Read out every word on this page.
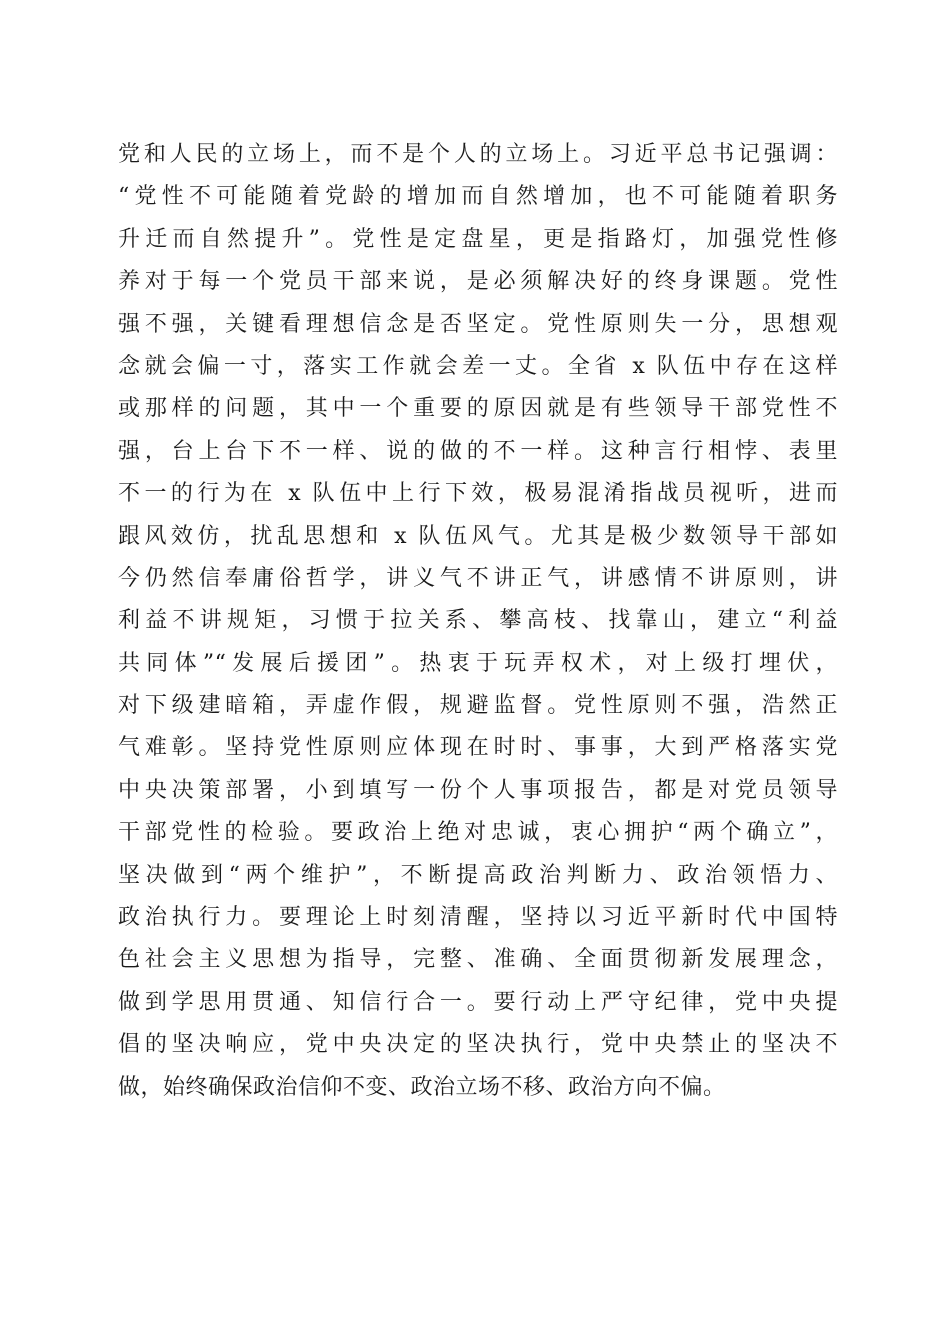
党和人民的立场上，而不是个人的立场上。习近平总书记强调：
“党性不可能随着党龄的增加而自然增加，也不可能随着职务
升迁而自然提升”。党性是定盘星，更是指路灯，加强党性修
养对于每一个党员干部来说，是必须解决好的终身课题。党性
强不强，关键看理想信念是否坚定。党性原则失一分，思想观
念就会偏一寸，落实工作就会差一丈。全省 x 队伍中存在这样
或那样的问题，其中一个重要的原因就是有些领导干部党性不
强，台上台下不一样、说的做的不一样。这种言行相悖、表里
不一的行为在 x 队伍中上行下效，极易混淆指战员视听，进而
跟风效仿，扰乱思想和 x 队伍风气。尤其是极少数领导干部如
今仍然信奉庸俗哲学，讲义气不讲正气，讲感情不讲原则，讲
利益不讲规矩，习惯于拉关系、攀高枝、找靠山，建立“利益
共同体”“发展后援团”。热衷于玩弄权术，对上级打埋伏，
对下级建暗箱，弄虚作假，规避监督。党性原则不强，浩然正
气难彰。坚持党性原则应体现在时时、事事，大到严格落实党
中央决策部署，小到填写一份个人事项报告，都是对党员领导
干部党性的检验。要政治上绝对忠诚，衷心拥护“两个确立”，
坚决做到“两个维护”，不断提高政治判断力、政治领悟力、
政治执行力。要理论上时刻清醒，坚持以习近平新时代中国特
色社会主义思想为指导，完整、准确、全面贯彻新发展理念，
做到学思用贯通、知信行合一。要行动上严守纪律，党中央提
倡的坚决响应，党中央决定的坚决执行，党中央禁止的坚决不
做，始终确保政治信仰不变、政治立场不移、政治方向不偏。
